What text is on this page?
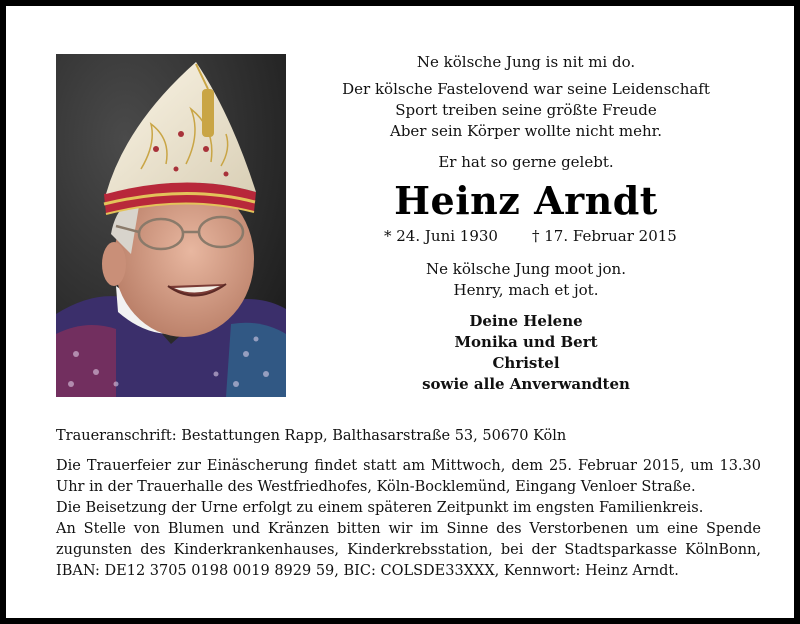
Ne kölsche Jung is nit mi do.
Der kölsche Fastelovend war seine Leidenschaft
Sport treiben seine größte Freude
Aber sein Körper wollte nicht mehr.
Er hat so gerne gelebt.
Heinz Arndt
* 24. Juni 1930 † 17. Februar 2015
Ne kölsche Jung moot jon.
Henry, mach et jot.
Deine Helene
Monika und Bert
Christel
sowie alle Anverwandten

Traueranschrift: Bestattungen Rapp, Balthasarstraße 53, 50670 Köln

Die Trauerfeier zur Einäscherung findet statt am Mittwoch, dem 25. Februar 2015, um 13.30 Uhr in der Trauerhalle des Westfriedhofes, Köln-Bocklemünd, Eingang Venloer Straße.

Die Beisetzung der Urne erfolgt zu einem späteren Zeitpunkt im engsten Familienkreis.

An Stelle von Blumen und Kränzen bitten wir im Sinne des Verstorbenen um eine Spende zugunsten des Kinderkrankenhauses, Kinderkrebsstation, bei der Stadtsparkasse KölnBonn, IBAN: DE12 3705 0198 0019 8929 59, BIC: COLSDE33XXX, Kennwort: Heinz Arndt.
